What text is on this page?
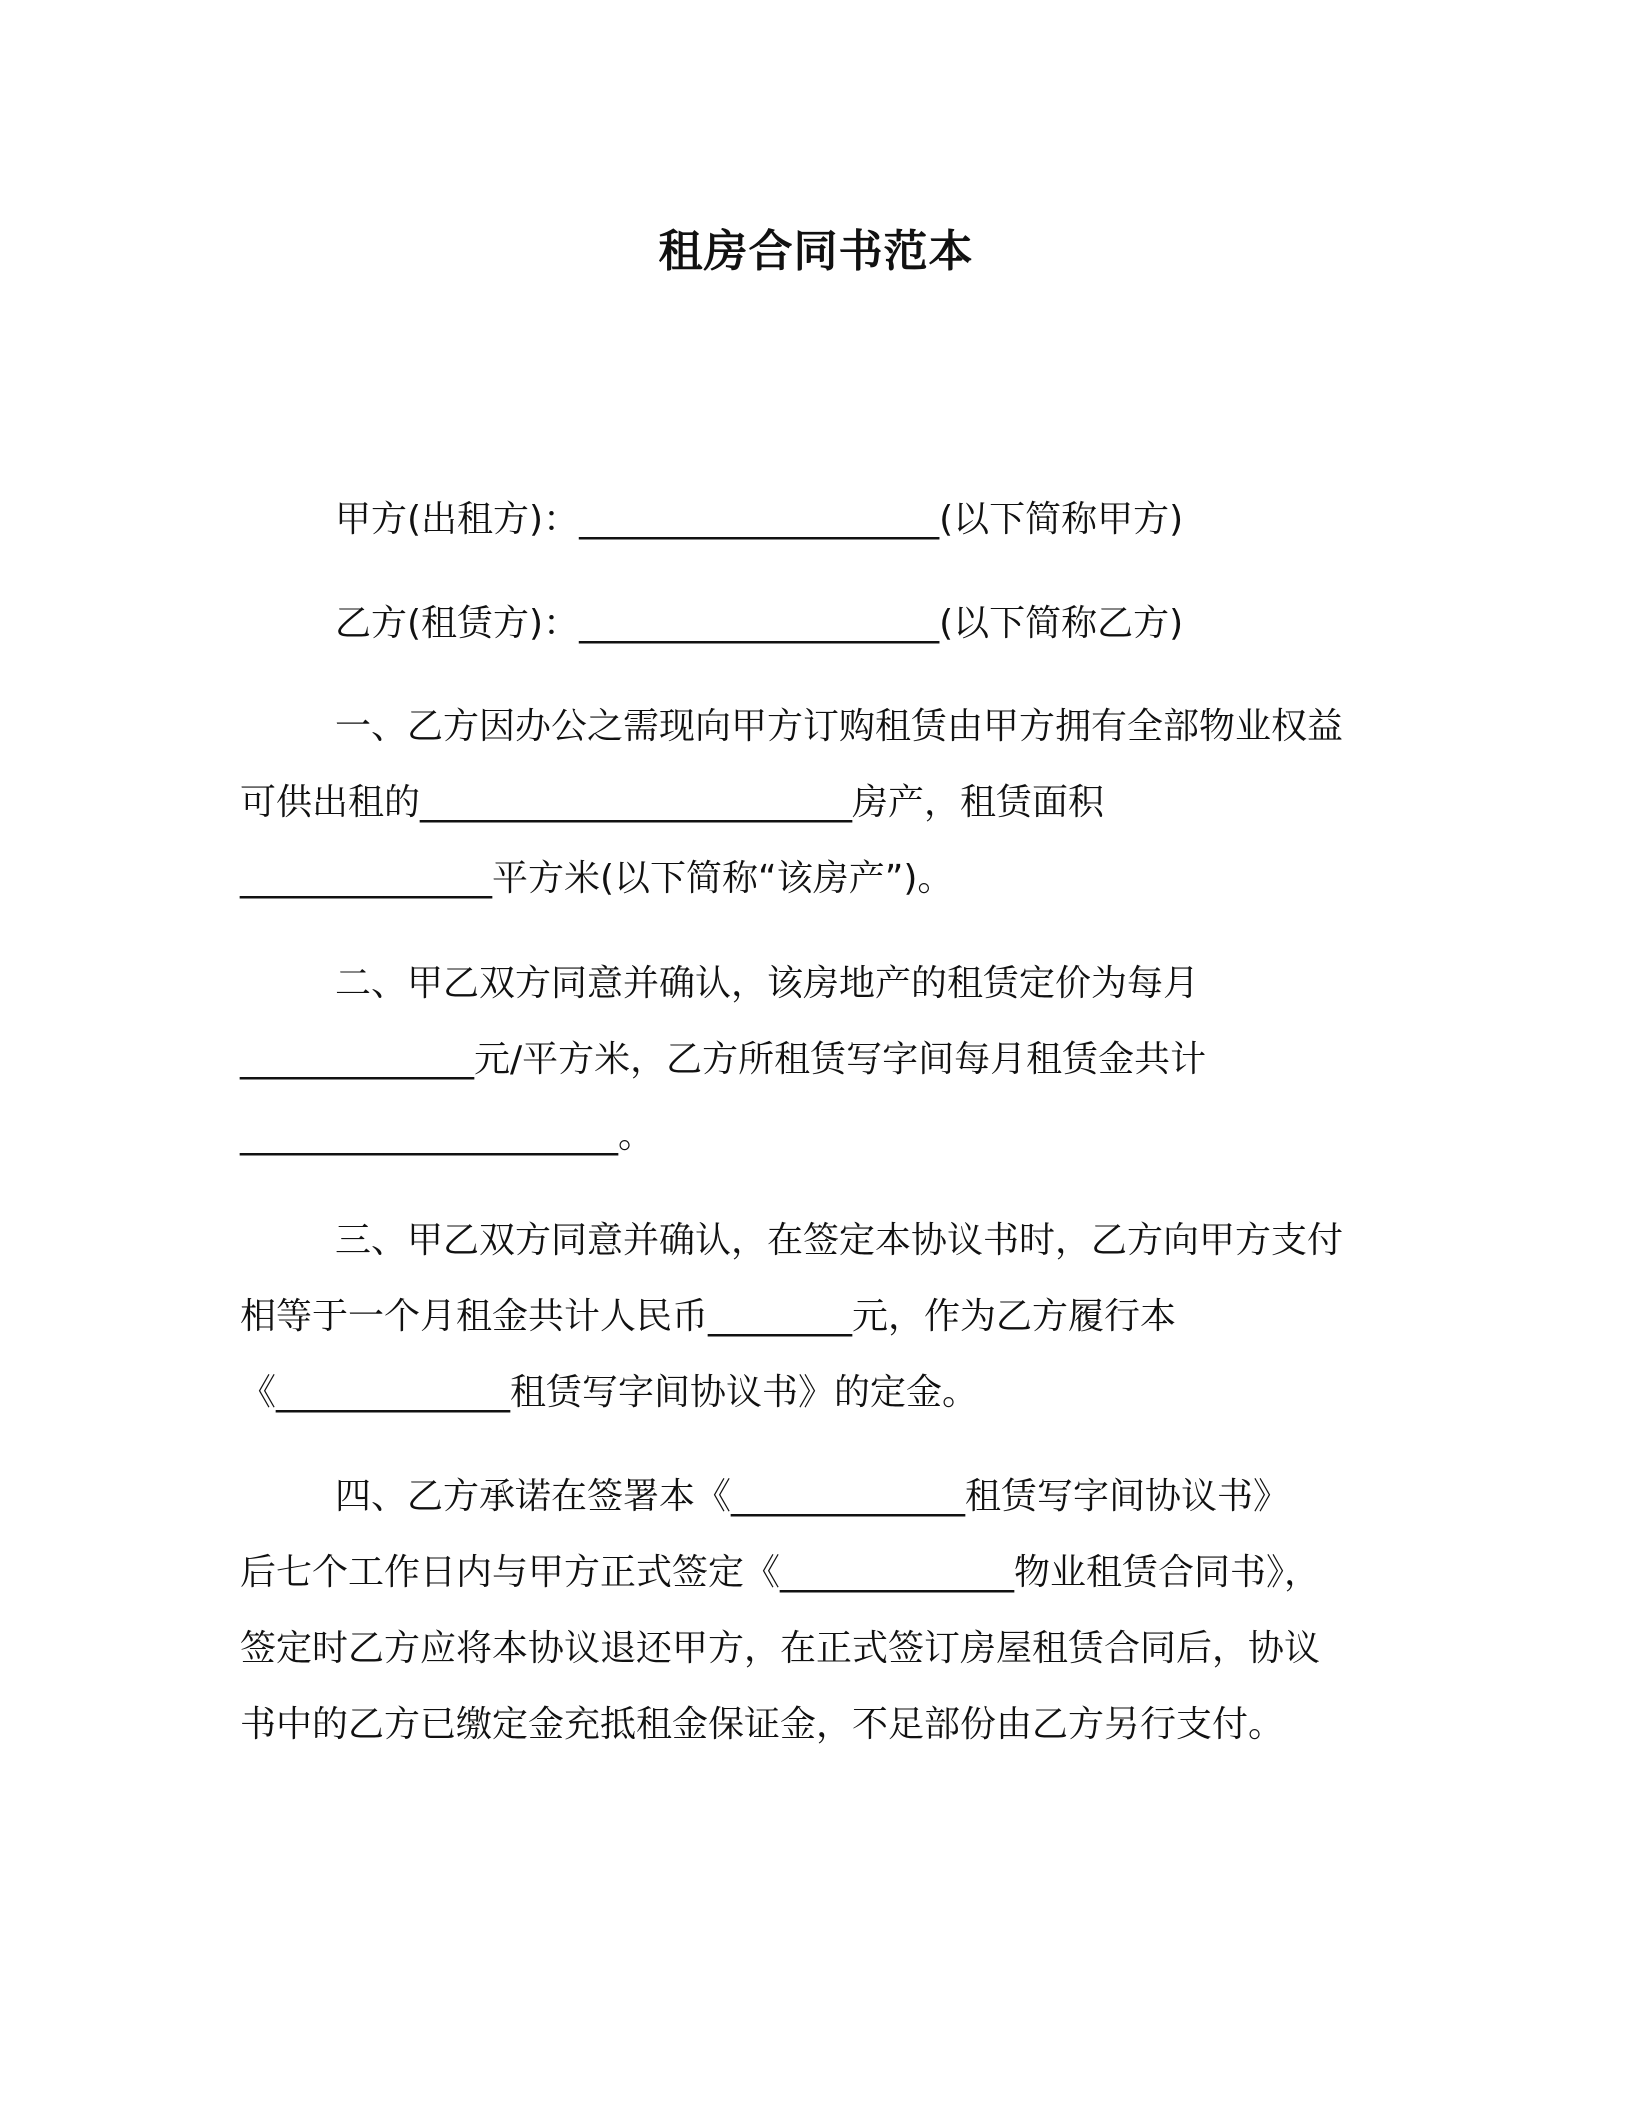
租房合同书范本
甲方(出租方)：____________________(以下简称甲方)
乙方(租赁方)：____________________(以下简称乙方)
一、乙方因办公之需现向甲方订购租赁由甲方拥有全部物业权益
可供出租的________________________房产，租赁面积
______________平方米(以下简称“该房产”)。
二、甲乙双方同意并确认，该房地产的租赁定价为每月
_____________元/平方米，乙方所租赁写字间每月租赁金共计
_____________________。
三、甲乙双方同意并确认，在签定本协议书时，乙方向甲方支付
相等于一个月租金共计人民币________元，作为乙方履行本
《_____________租赁写字间协议书》的定金。
四、乙方承诺在签署本《_____________租赁写字间协议书》
后七个工作日内与甲方正式签定《_____________物业租赁合同书》，
签定时乙方应将本协议退还甲方，在正式签订房屋租赁合同后，协议
书中的乙方已缴定金充抵租金保证金，不足部份由乙方另行支付。
